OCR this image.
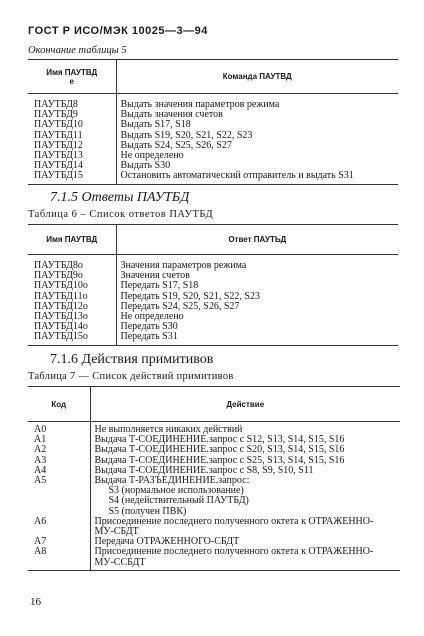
ГОСТ Р ИСО/МЭК 10025—3—94
Окончание таблицы 5
Имя ПАУТВД
e	Команда ПАУТВД
ПАУТБД8	Выдать значения параметров режима
ПАУТБД9	Выдать значения счетов
ПАУТБД10	Выдать S17, S18
ПАУТБД11	Выдать S19, S20, S21, S22, S23
ПАУТБД12	Выдать S24, S25, S26, S27
ПАУТБД13	Не определено
ПАУТБД14	Выдать S30
ПАУТБД15	Остановить автоматический отправитель и выдать S31
7.1.5 Ответы ПАУТБД
Таблица 6 – Список ответов ПАУТБД
Имя ПАУТВД	Ответ ПАУТЬД
ПАУТБД8о	Значения параметров режима
ПАУТБД9о	Значения счетов
ПАУТБД10о	Передать S17, S18
ПАУТБД11о	Передать S19, S20, S21, S22, S23
ПАУТБД12о	Передать S24, S25, S26, S27
ПАУТБД13о	Не определено
ПАУТБД14о	Передать S30
ПАУТБД15о	Передать S31
7.1.6 Действия примитивов
Таблица 7 — Список действий примитивов
Код	Действие
А0	Не выполняется никаких действий
А1	Выдача Т-СОЕДИНЕНИЕ.запрос с S12, S13, S14, S15, S16
А2	Выдача Т-СОЕДИНЕНИЕ.запрос с S20, S13, S14, S15, S16
А3	Выдача Т-СОЕДИНЕНИЕ.запрос с S25, S13, S14, S15, S16
А4	Выдача Т-СОЕДИНЕНИЕ.запрос с S8, S9, S10, S11
А5	Выдача Т-РАЗЪЕДИНЕНИЕ.запрос:
	S3 (нормальное использование)
	S4 (недействительный ПАУТБД)
	S5 (получен ПВК)
А6	Присоединение последнего полученного октета к ОТРАЖЕННО-
	МУ-СБДТ
А7	Передача ОТРАЖЕННОГО-СБДТ
А8	Присоединение последнего полученного октета к ОТРАЖЕННО-
	МУ-ССБДТ
16
